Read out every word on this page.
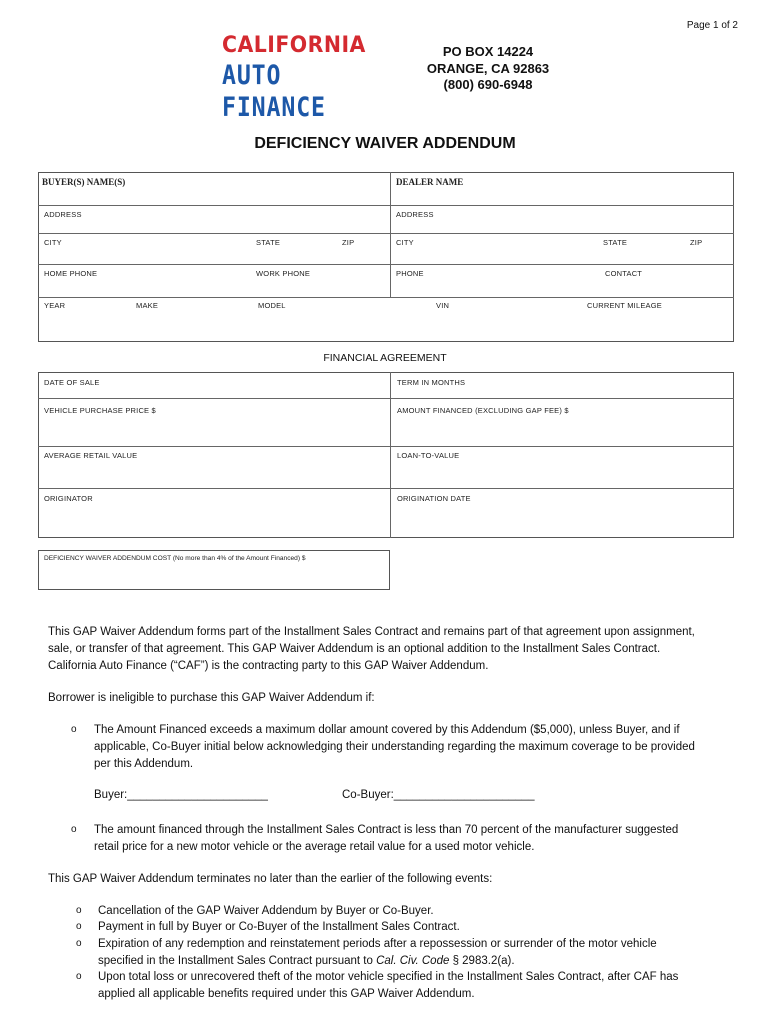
Page 1 of 2
CALIFORNIA
AUTO FINANCE
PO BOX 14224
ORANGE, CA 92863
(800) 690-6948
DEFICIENCY WAIVER ADDENDUM
BUYER(S) NAME(S)	DEALER NAME
ADDRESS	ADDRESS
CITY	STATE	ZIP	CITY	STATE	ZIP
HOME PHONE	WORK PHONE	PHONE	CONTACT
YEAR	MAKE	MODEL	VIN	CURRENT MILEAGE
FINANCIAL AGREEMENT
DATE OF SALE	TERM IN MONTHS
VEHICLE PURCHASE PRICE $	AMOUNT FINANCED (EXCLUDING GAP FEE) $
AVERAGE RETAIL VALUE	LOAN-TO-VALUE
ORIGINATOR	ORIGINATION DATE
DEFICIENCY WAIVER ADDENDUM COST (No more than 4% of the Amount Financed) $
This GAP Waiver Addendum forms part of the Installment Sales Contract and remains part of that agreement upon assignment,
sale, or transfer of that agreement. This GAP Waiver Addendum is an optional addition to the Installment Sales Contract.
California Auto Finance (“CAF”) is the contracting party to this GAP Waiver Addendum.
Borrower is ineligible to purchase this GAP Waiver Addendum if:
o The Amount Financed exceeds a maximum dollar amount covered by this Addendum ($5,000), unless Buyer, and if
applicable, Co-Buyer initial below acknowledging their understanding regarding the maximum coverage to be provided
per this Addendum.
Buyer:______________________	Co-Buyer:______________________
o The amount financed through the Installment Sales Contract is less than 70 percent of the manufacturer suggested
retail price for a new motor vehicle or the average retail value for a used motor vehicle.
This GAP Waiver Addendum terminates no later than the earlier of the following events:
o Cancellation of the GAP Waiver Addendum by Buyer or Co-Buyer.
o Payment in full by Buyer or Co-Buyer of the Installment Sales Contract.
o Expiration of any redemption and reinstatement periods after a repossession or surrender of the motor vehicle
specified in the Installment Sales Contract pursuant to Cal. Civ. Code § 2983.2(a).
o Upon total loss or unrecovered theft of the motor vehicle specified in the Installment Sales Contract, after CAF has
applied all applicable benefits required under this GAP Waiver Addendum.
